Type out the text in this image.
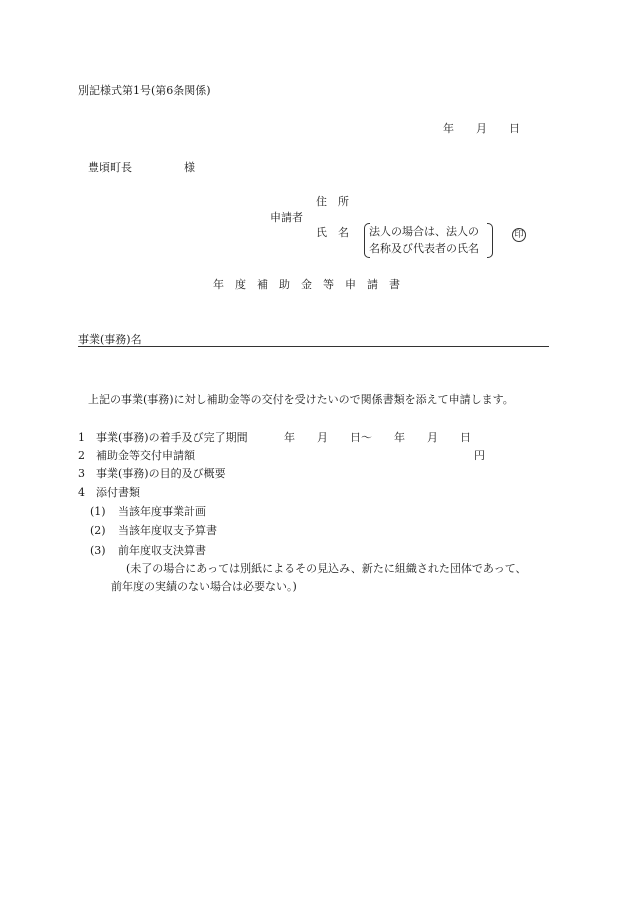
別記様式第1号(第6条関係)
年　　月　　日
豊頃町長	様
住　所
申請者
氏　名 法人の場合は、法人の
名称及び代表者の氏名
印
年　度　補　助　金　等　申　請　書
事業(事務)名
上記の事業(事務)に対し補助金等の交付を受けたいので関係書類を添えて申請します。
1 事業(事務)の着手及び完了期間	年　　月　　日～　　年　　月　　日
2 補助金等交付申請額	円
3 事業(事務)の目的及び概要
4 添付書類
(1) 当該年度事業計画
(2) 当該年度収支予算書
(3) 前年度収支決算書
(未了の場合にあっては別紙によるその見込み、新たに組織された団体であって、
前年度の実績のない場合は必要ない。)
